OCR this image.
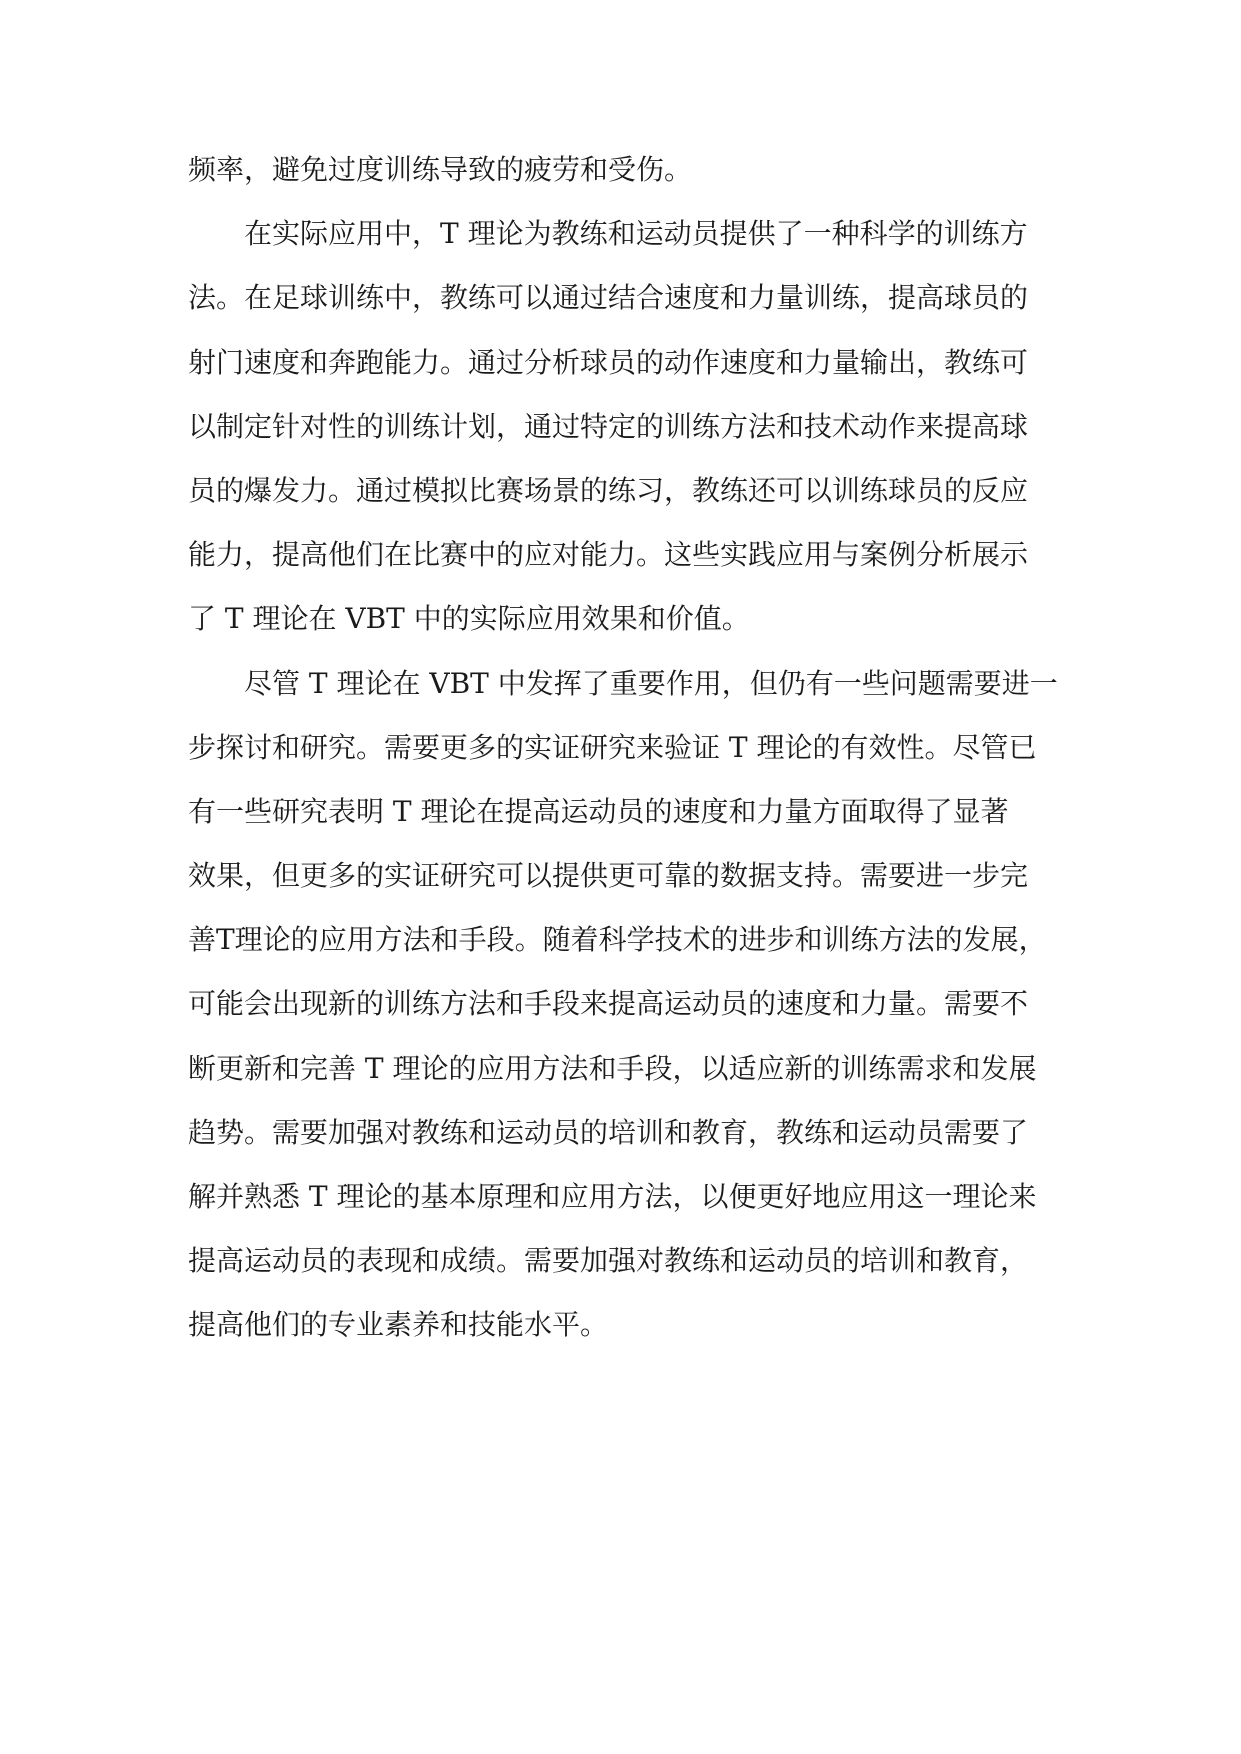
频率，避免过度训练导致的疲劳和受伤。
在实际应用中，T 理论为教练和运动员提供了一种科学的训练方
法。在足球训练中，教练可以通过结合速度和力量训练，提高球员的
射门速度和奔跑能力。通过分析球员的动作速度和力量输出，教练可
以制定针对性的训练计划，通过特定的训练方法和技术动作来提高球
员的爆发力。通过模拟比赛场景的练习，教练还可以训练球员的反应
能力，提高他们在比赛中的应对能力。这些实践应用与案例分析展示
了 T 理论在 VBT 中的实际应用效果和价值。
尽管 T 理论在 VBT 中发挥了重要作用，但仍有一些问题需要进一
步探讨和研究。需要更多的实证研究来验证 T 理论的有效性。尽管已
有一些研究表明 T 理论在提高运动员的速度和力量方面取得了显著
效果，但更多的实证研究可以提供更可靠的数据支持。需要进一步完
善T理论的应用方法和手段。随着科学技术的进步和训练方法的发展，
可能会出现新的训练方法和手段来提高运动员的速度和力量。需要不
断更新和完善 T 理论的应用方法和手段，以适应新的训练需求和发展
趋势。需要加强对教练和运动员的培训和教育，教练和运动员需要了
解并熟悉 T 理论的基本原理和应用方法，以便更好地应用这一理论来
提高运动员的表现和成绩。需要加强对教练和运动员的培训和教育，
提高他们的专业素养和技能水平。
